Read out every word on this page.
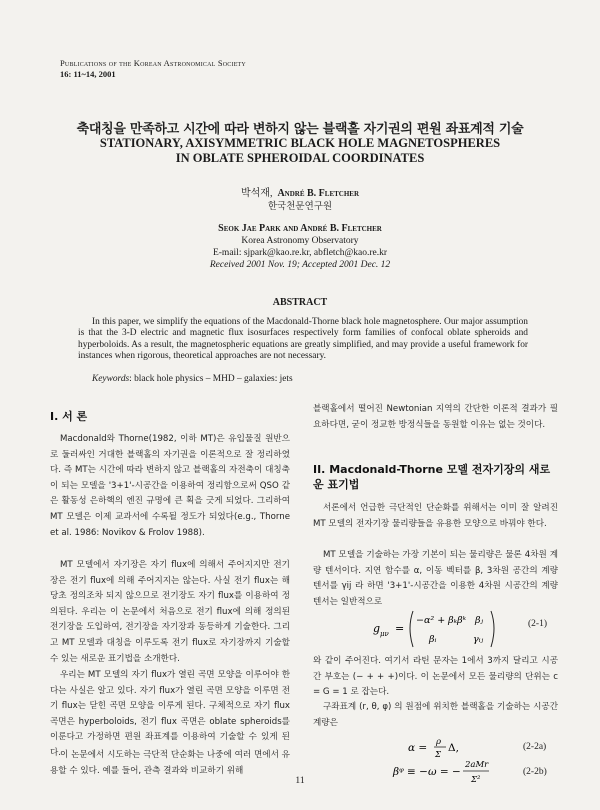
Publications of the Korean Astronomical Society
16: 11~14, 2001
축대칭을 만족하고 시간에 따라 변하지 않는 블랙홀 자기권의 편원 좌표계적 기술
STATIONARY, AXISYMMETRIC BLACK HOLE MAGNETOSPHERES
IN OBLATE SPHEROIDAL COORDINATES
박석재, André B. Fletcher
한국천문연구원
Seok Jae Park and André B. Fletcher
Korea Astronomy Observatory
E-mail: sjpark@kao.re.kr, abfletch@kao.re.kr
Received 2001 Nov. 19; Accepted 2001 Dec. 12
ABSTRACT
In this paper, we simplify the equations of the Macdonald-Thorne black hole magnetosphere. Our major assumption is that the 3-D electric and magnetic flux isosurfaces respectively form families of confocal oblate spheroids and hyperboloids. As a result, the magnetospheric equations are greatly simplified, and may provide a useful framework for instances when rigorous, theoretical approaches are not necessary.
Keywords: black hole physics – MHD – galaxies: jets
I. 서 론
Macdonald와 Thorne(1982, 이하 MT)은 유입물질 원반으로 둘러싸인 거대한 블랙홀의 자기권을 이론적으로 잘 정리하였다. 즉 MT는 시간에 따라 변하지 않고 블랙홀의 자전축이 대칭축이 되는 모델을 '3+1'-시공간을 이용하여 정리함으로써 QSO 같은 활동성 은하핵의 엔진 규명에 큰 획을 긋게 되었다. 그리하여 MT 모델은 이제 교과서에 수록될 정도가 되었다(e.g., Thorne et al. 1986: Novikov & Frolov 1988).
MT 모델에서 자기장은 자기 flux에 의해서 주어지지만 전기장은 전기 flux에 의해 주어지지는 않는다. 사실 전기 flux는 해당초 정의조차 되지 않으므로 전기장도 자기 flux를 이용하여 정의된다. 우리는 이 논문에서 처음으로 전기 flux에 의해 정의된 전기장을 도입하여, 전기장을 자기장과 동등하게 기술한다. 그리고 MT 모델과 대칭을 이루도록 전기 flux로 자기장까지 기술할 수 있는 새로운 표기법을 소개한다.
우리는 MT 모델의 자기 flux가 열린 곡면 모양을 이루어야 한다는 사실은 알고 있다. 자기 flux가 열린 곡면 모양을 이루면 전기 flux는 닫힌 곡면 모양을 이루게 된다. 구체적으로 자기 flux 곡면은 hyperboloids, 전기 flux 곡면은 oblate spheroids를 이룬다고 가정하면 편원 좌표계를 이용하여 기술할 수 있게 된다.
이 논문에서 시도하는 극단적 단순화는 나중에 여러 면에서 유용할 수 있다. 예를 들어, 관측 결과와 비교하기 위해
블랙홀에서 떨어진 Newtonian 지역의 간단한 이론적 결과가 필요하다면, 굳이 정교한 방정식들을 동원할 이유는 없는 것이다.
II. Macdonald-Thorne 모델 전자기장의 새로운 표기법
서론에서 언급한 극단적인 단순화를 위해서는 이미 잘 알려진 MT 모델의 전자기장 물리량들을 유용한 모양으로 바꿔야 한다.
MT 모델을 기술하는 가장 기본이 되는 물리량은 물론 4차원 계량 텐서이다. 지연 함수를 α, 이동 벡터를 β, 3차원 공간의 계량 텐서를 γij 라 하면 '3+1'-시공간을 이용한 4차원 시공간의 계량 텐서는 일반적으로
g μν =
−α² + βₖβᵏ βⱼ
βᵢ	γᵢⱼ
(2-1)
와 같이 주어진다. 여기서 라틴 문자는 1에서 3까지 달리고 시공간 부호는 (− + + +)이다. 이 논문에서 모든 물리량의 단위는 c = G = 1 로 잡는다.
구좌표계 (r, θ, φ) 의 원점에 위치한 블랙홀을 기술하는 시공간 계량은
α = ρ
Σ
Δ,	(2-2a)
βᵠ ≡ −ω = −
2aMr
Σ²
(2-2b)
11
